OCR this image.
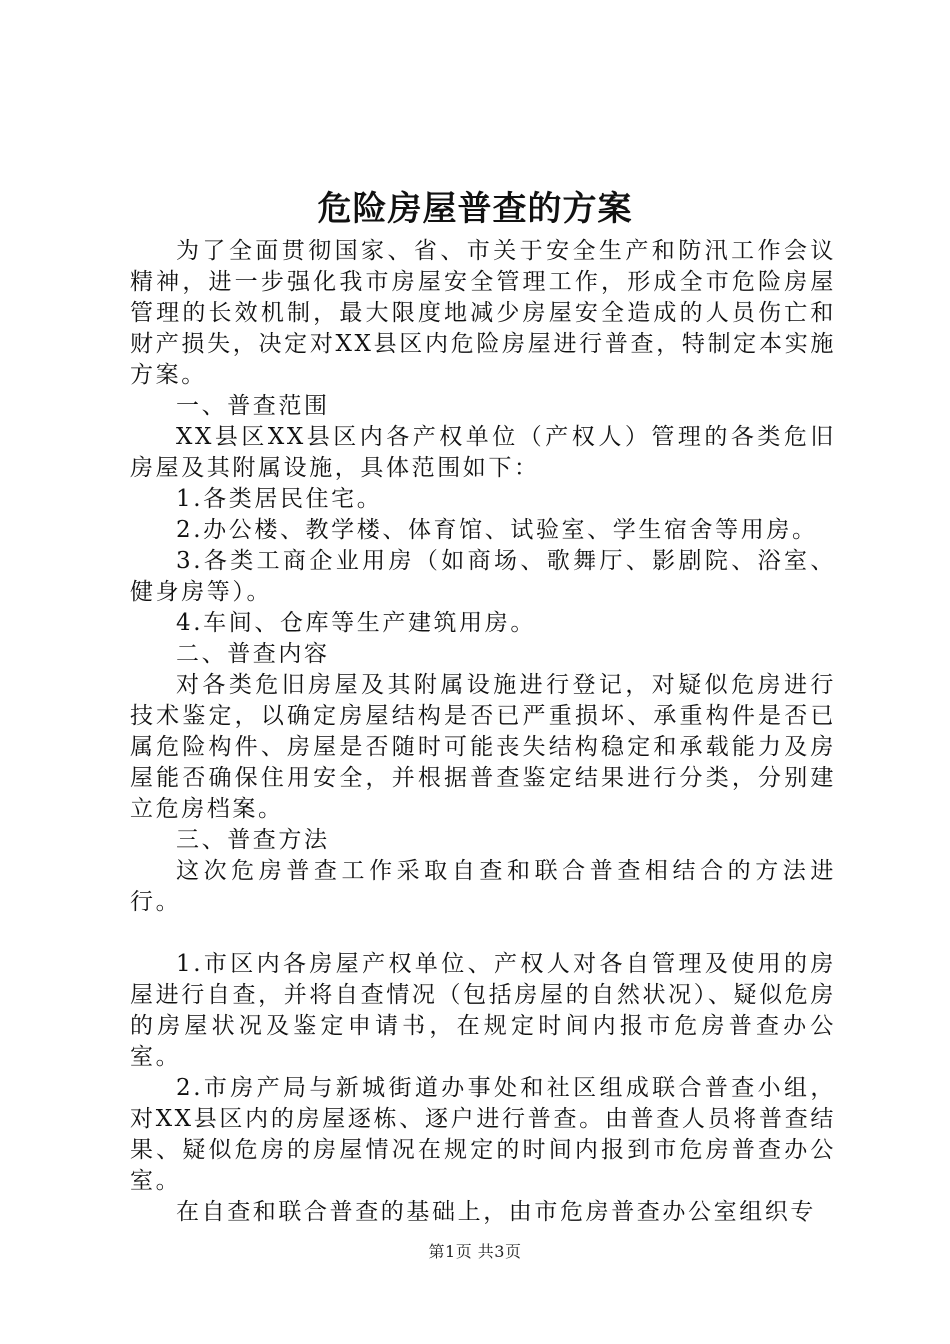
危险房屋普查的方案

为了全面贯彻国家、省、市关于安全生产和防汛工作会议精神，进一步强化我市房屋安全管理工作，形成全市危险房屋管理的长效机制，最大限度地减少房屋安全造成的人员伤亡和财产损失，决定对XX县区内危险房屋进行普查，特制定本实施方案。

一、普查范围

XX县区XX县区内各产权单位（产权人）管理的各类危旧房屋及其附属设施，具体范围如下：

1.各类居民住宅。

2.办公楼、教学楼、体育馆、试验室、学生宿舍等用房。

3.各类工商企业用房（如商场、歌舞厅、影剧院、浴室、健身房等）。

4.车间、仓库等生产建筑用房。

二、普查内容

对各类危旧房屋及其附属设施进行登记，对疑似危房进行技术鉴定，以确定房屋结构是否已严重损坏、承重构件是否已属危险构件、房屋是否随时可能丧失结构稳定和承载能力及房屋能否确保住用安全，并根据普查鉴定结果进行分类，分别建立危房档案。

三、普查方法

这次危房普查工作采取自查和联合普查相结合的方法进行。

1.市区内各房屋产权单位、产权人对各自管理及使用的房屋进行自查，并将自查情况（包括房屋的自然状况）、疑似危房的房屋状况及鉴定申请书，在规定时间内报市危房普查办公室。

2.市房产局与新城街道办事处和社区组成联合普查小组，对XX县区内的房屋逐栋、逐户进行普查。由普查人员将普查结果、疑似危房的房屋情况在规定的时间内报到市危房普查办公室。

在自查和联合普查的基础上，由市危房普查办公室组织专

第1页 共3页
